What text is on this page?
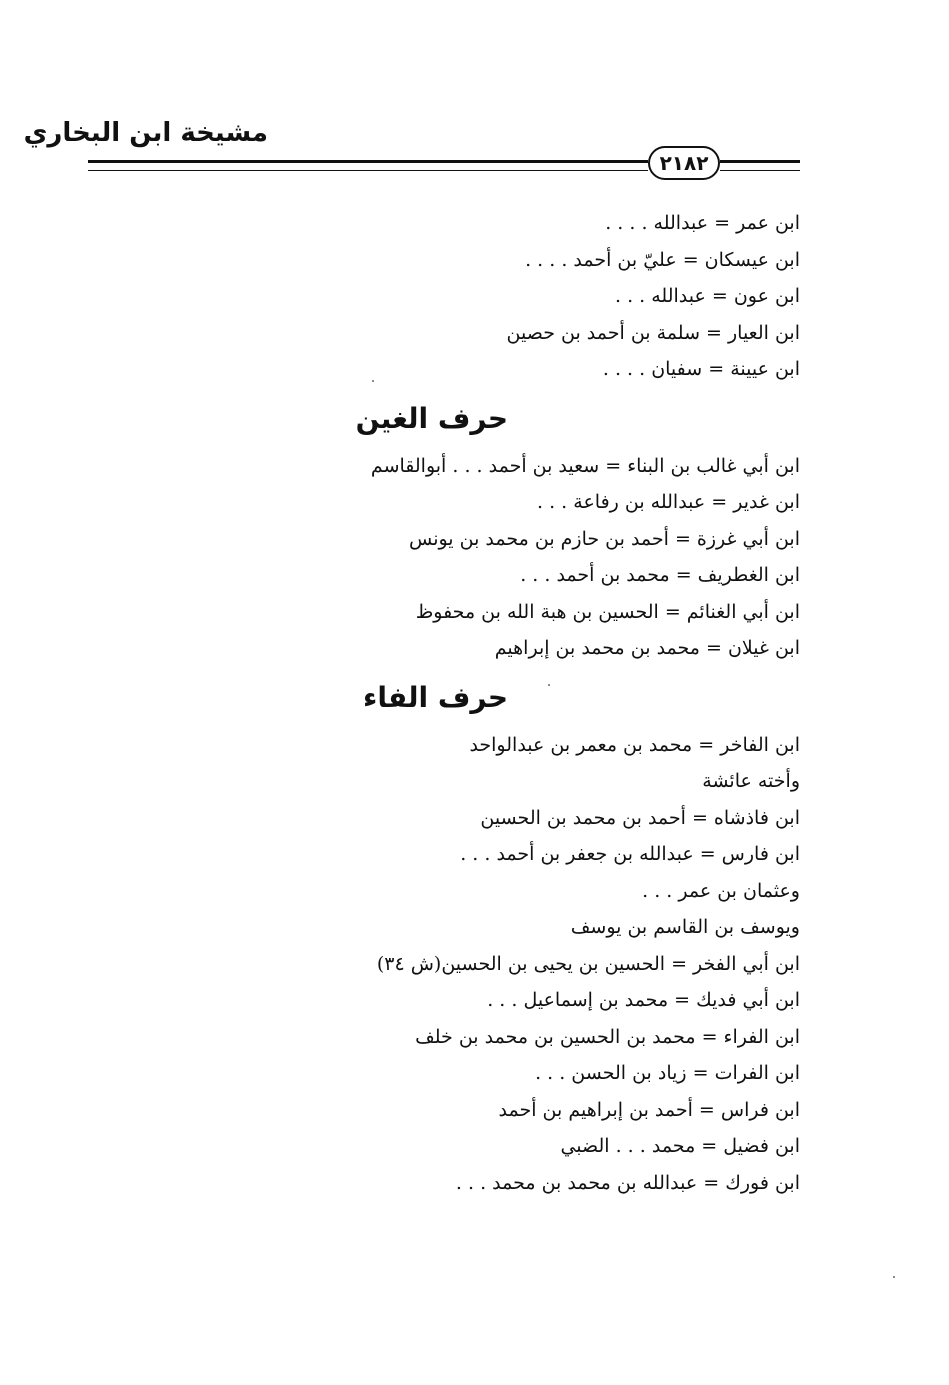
مشيخة ابن البخاري
٢١٨٢
ابن عمر = عبدالله . . . .
ابن عيسكان = عليّ بن أحمد . . . .
ابن عون = عبدالله . . .
ابن العيار = سلمة بن أحمد بن حصين
ابن عيينة = سفيان . . . .
حرف الغين
ابن أبي غالب بن البناء = سعيد بن أحمد . . . أبوالقاسم
ابن غدير = عبدالله بن رفاعة . . .
ابن أبي غرزة = أحمد بن حازم بن محمد بن يونس
ابن الغطريف = محمد بن أحمد . . .
ابن أبي الغنائم = الحسين بن هبة الله بن محفوظ
ابن غيلان = محمد بن محمد بن إبراهيم
حرف الفاء
ابن الفاخر = محمد بن معمر بن عبدالواحد
وأخته عائشة
ابن فاذشاه = أحمد بن محمد بن الحسين
ابن فارس = عبدالله بن جعفر بن أحمد . . .
وعثمان بن عمر . . .
ويوسف بن القاسم بن يوسف
ابن أبي الفخر = الحسين بن يحيى بن الحسين(ش ٣٤)
ابن أبي فديك = محمد بن إسماعيل . . .
ابن الفراء = محمد بن الحسين بن محمد بن خلف
ابن الفرات = زياد بن الحسن . . .
ابن فراس = أحمد بن إبراهيم بن أحمد
ابن فضيل = محمد . . . الضبي
ابن فورك = عبدالله بن محمد بن محمد . . .
